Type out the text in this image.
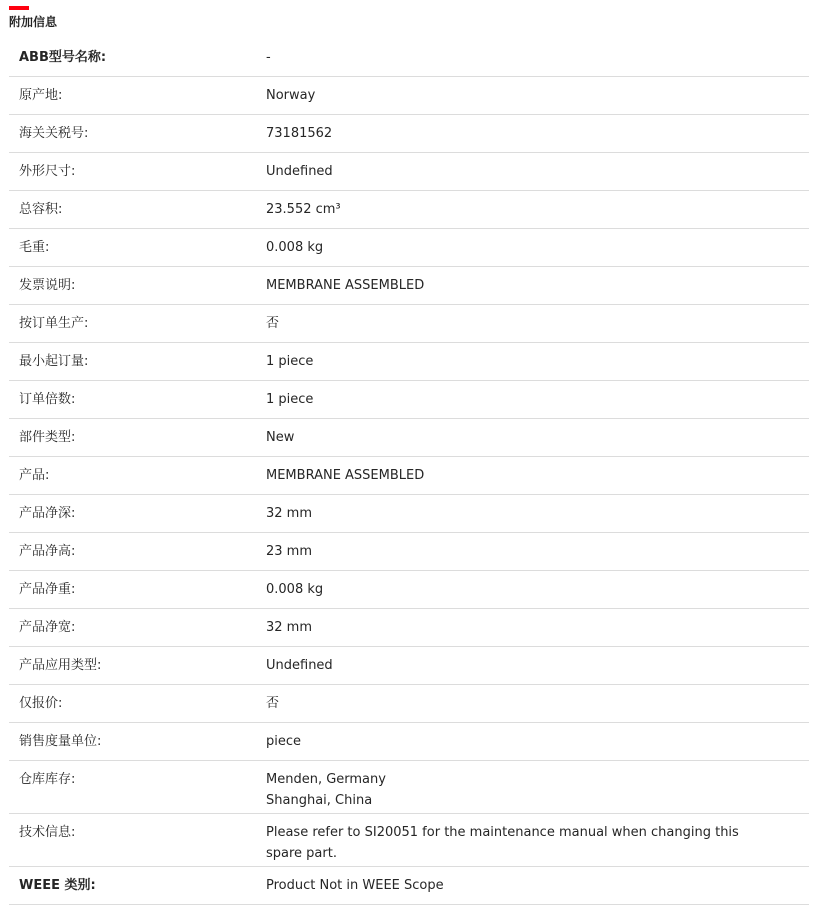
附加信息
ABB型号名称:	-
原产地:	Norway
海关关税号:	73181562
外形尺寸:	Undefined
总容积:	23.552 cm³
毛重:	0.008 kg
发票说明:	MEMBRANE ASSEMBLED
按订单生产:	否
最小起订量:	1 piece
订单倍数:	1 piece
部件类型:	New
产品:	MEMBRANE ASSEMBLED
产品净深:	32 mm
产品净高:	23 mm
产品净重:	0.008 kg
产品净宽:	32 mm
产品应用类型:	Undefined
仅报价:	否
销售度量单位:	piece
仓库库存:	Menden, Germany
Shanghai, China
技术信息:	Please refer to SI20051 for the maintenance manual when changing this
spare part.
WEEE 类别:	Product Not in WEEE Scope
